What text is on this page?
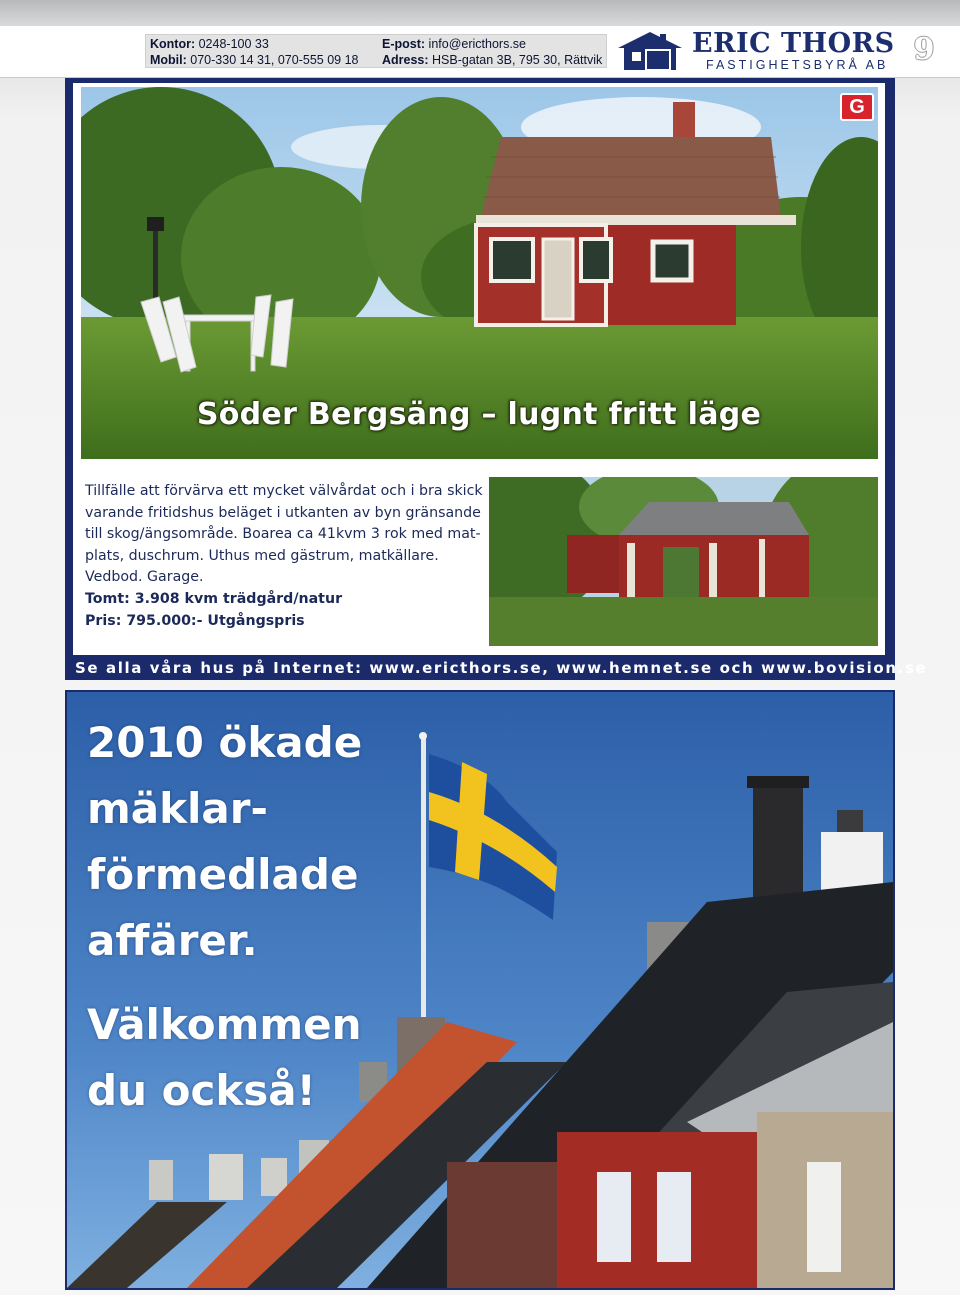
Kontor: 0248-100 33	E-post: info@ericthors.se
Mobil: 070-330 14 31, 070-555 09 18 Adress: HSB-gatan 3B, 795 30, Rättvik
ERIC THORS
FASTIGHETSBYRÅ AB 9
G
Söder Bergsäng – lugnt fritt läge

Tillfälle att förvärva ett mycket välvårdat och i bra skick

varande fritidshus beläget i utkanten av byn gränsande

till skog/ängsområde. Boarea ca 41kvm 3 rok med mat-

plats, duschrum. Uthus med gästrum, matkällare.

Vedbod. Garage.

Tomt: 3.908 kvm trädgård/natur

Pris: 795.000:- Utgångspris

Se alla våra hus på Internet: www.ericthors.se, www.hemnet.se och www.bovision.se
2010 ökade
mäklar-
förmedlade
affärer.
Välkommen
du också!
